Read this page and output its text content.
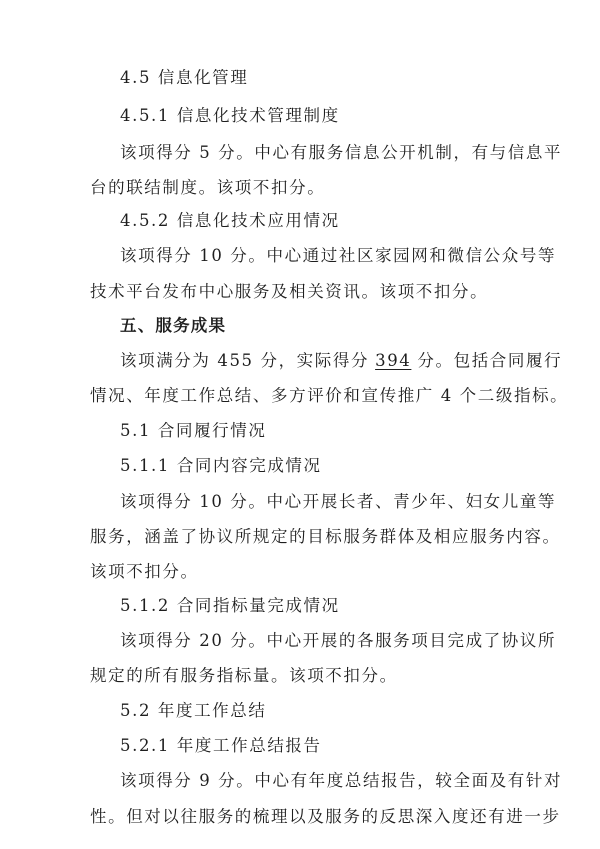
4.5 信息化管理
4.5.1 信息化技术管理制度
该项得分 5 分。中心有服务信息公开机制，有与信息平
台的联结制度。该项不扣分。
4.5.2 信息化技术应用情况
该项得分 10 分。中心通过社区家园网和微信公众号等
技术平台发布中心服务及相关资讯。该项不扣分。
五、服务成果
该项满分为 455 分，实际得分 394 分。包括合同履行
情况、年度工作总结、多方评价和宣传推广 4 个二级指标。
5.1 合同履行情况
5.1.1 合同内容完成情况
该项得分 10 分。中心开展长者、青少年、妇女儿童等
服务，涵盖了协议所规定的目标服务群体及相应服务内容。
该项不扣分。
5.1.2 合同指标量完成情况
该项得分 20 分。中心开展的各服务项目完成了协议所
规定的所有服务指标量。该项不扣分。
5.2 年度工作总结
5.2.1 年度工作总结报告
该项得分 9 分。中心有年度总结报告，较全面及有针对
性。但对以往服务的梳理以及服务的反思深入度还有进一步
